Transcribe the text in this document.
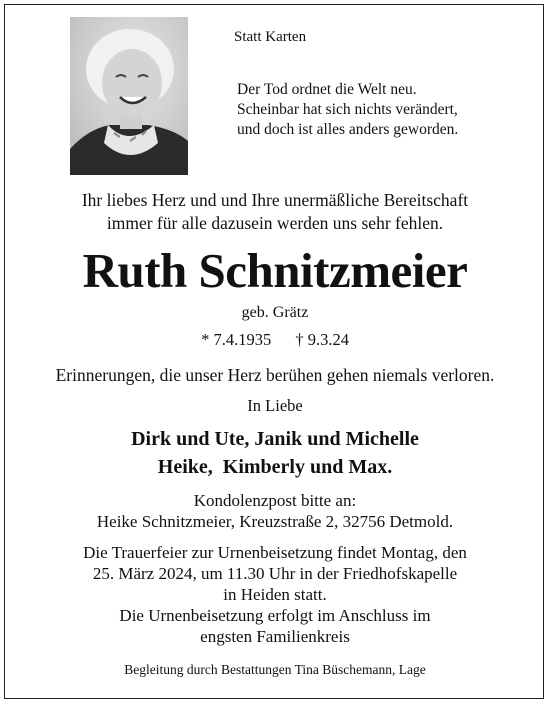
Statt Karten
Der Tod ordnet die Welt neu.
Scheinbar hat sich nichts verändert,
und doch ist alles anders geworden.
Ihr liebes Herz und und Ihre unermäßliche Bereitschaft
immer für alle dazusein werden uns sehr fehlen.
Ruth Schnitzmeier
geb. Grätz
* 7.4.1935 † 9.3.24
Erinnerungen, die unser Herz berühen gehen niemals verloren.
In Liebe
Dirk und Ute, Janik und Michelle
Heike,  Kimberly und Max.
Kondolenzpost bitte an:
Heike Schnitzmeier, Kreuzstraße 2, 32756 Detmold.
Die Trauerfeier zur Urnenbeisetzung findet Montag, den
25. März 2024, um 11.30 Uhr in der Friedhofskapelle
in Heiden statt.
Die Urnenbeisetzung erfolgt im Anschluss im
engsten Familienkreis
Begleitung durch Bestattungen Tina Büschemann, Lage
